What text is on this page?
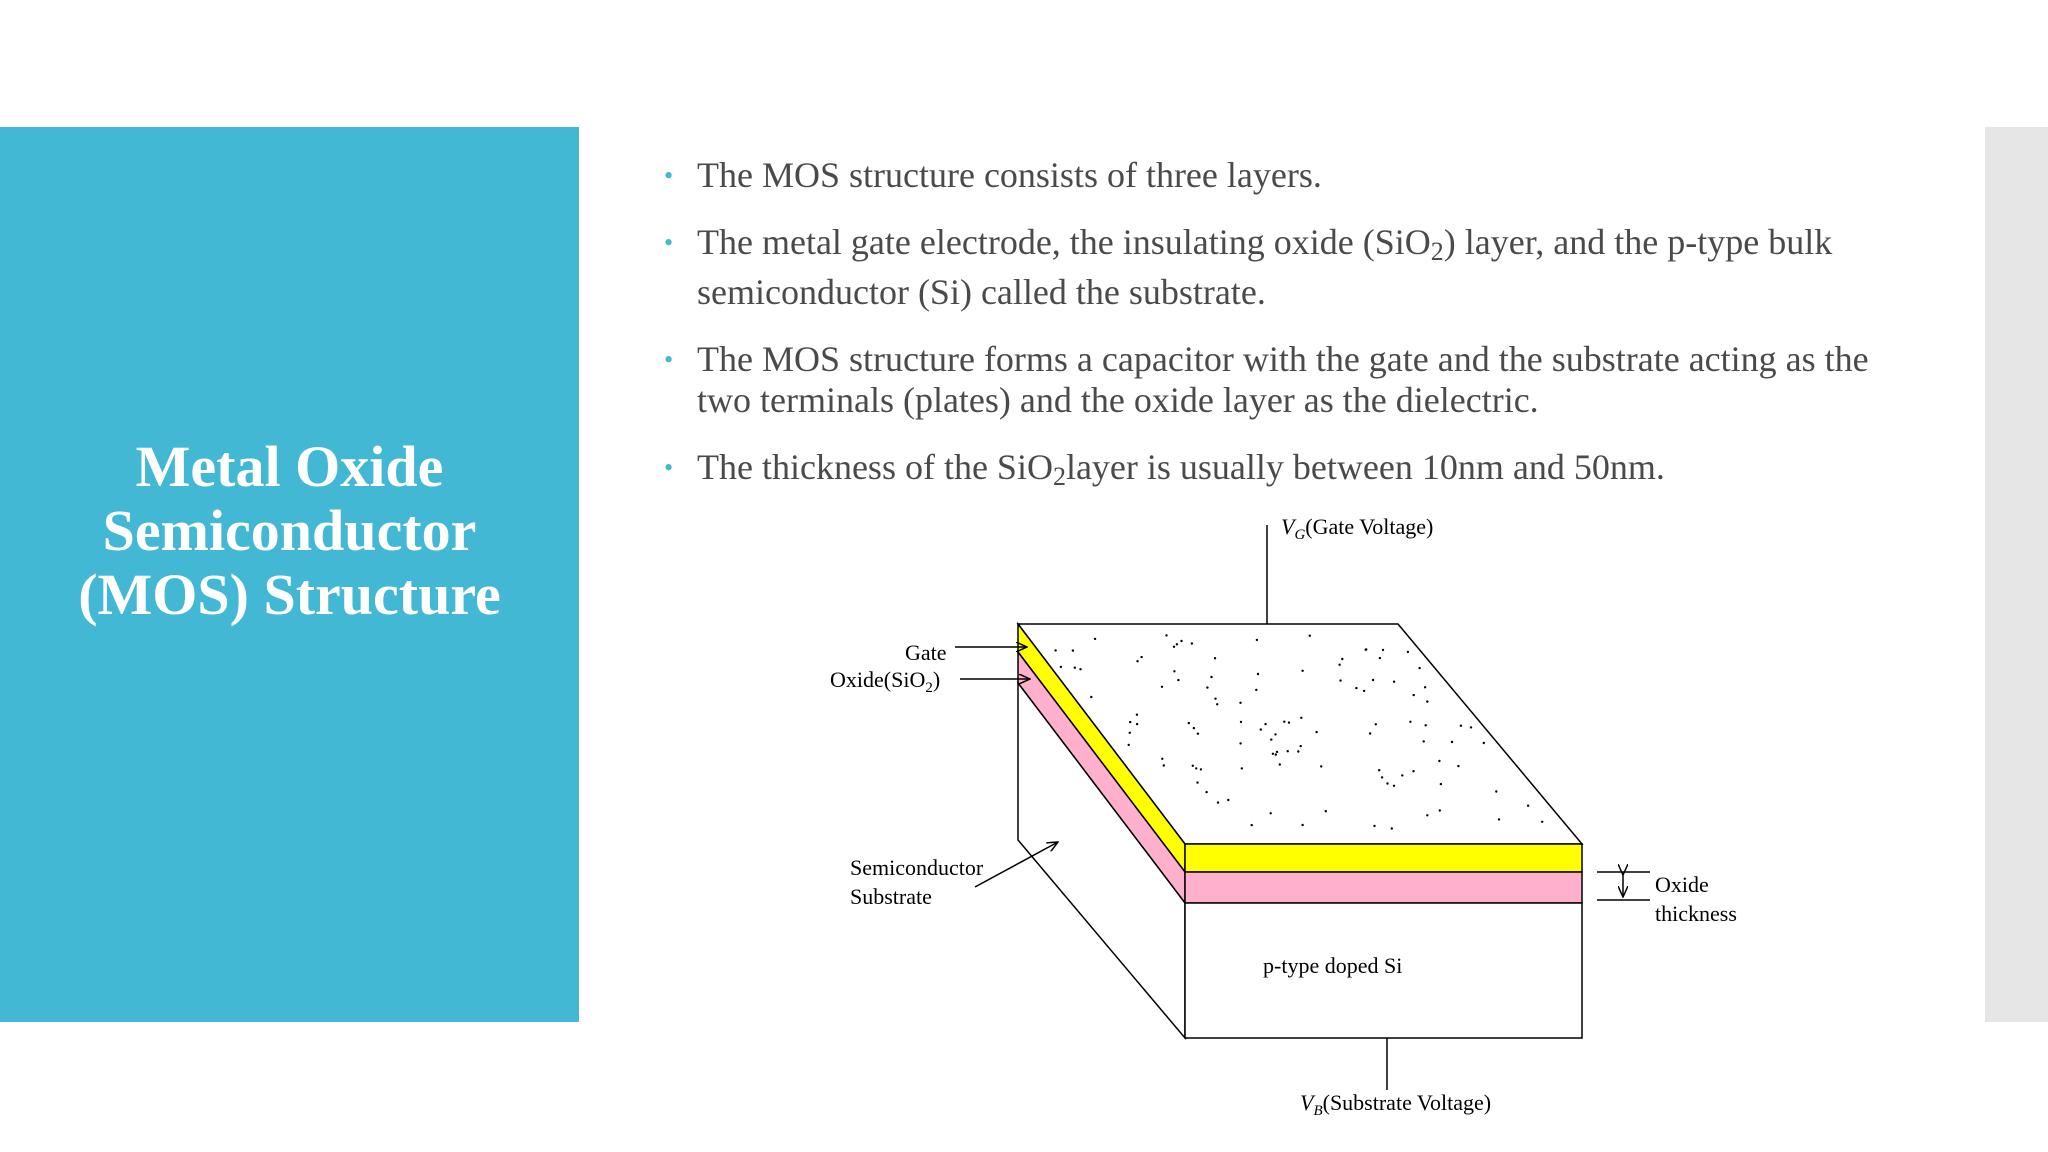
Metal Oxide
Semiconductor
(MOS) Structure
• The MOS structure consists of three layers.
• The metal gate electrode, the insulating oxide (SiO$_2$) layer, and the p-type bulk semiconductor (Si) called the substrate.
• The MOS structure forms a capacitor with the gate and the substrate acting as the two terminals (plates) and the oxide layer as the dielectric.
• The thickness of the SiO$_2$layer is usually between 10nm and 50nm.
$V_G(Gate$ Voltage)
p-type doped Si
$V_B(Substrate$ Voltage)
Gate
Oxide(SiO$_2$)
Semiconductor
Substrate	Oxide
thickness
